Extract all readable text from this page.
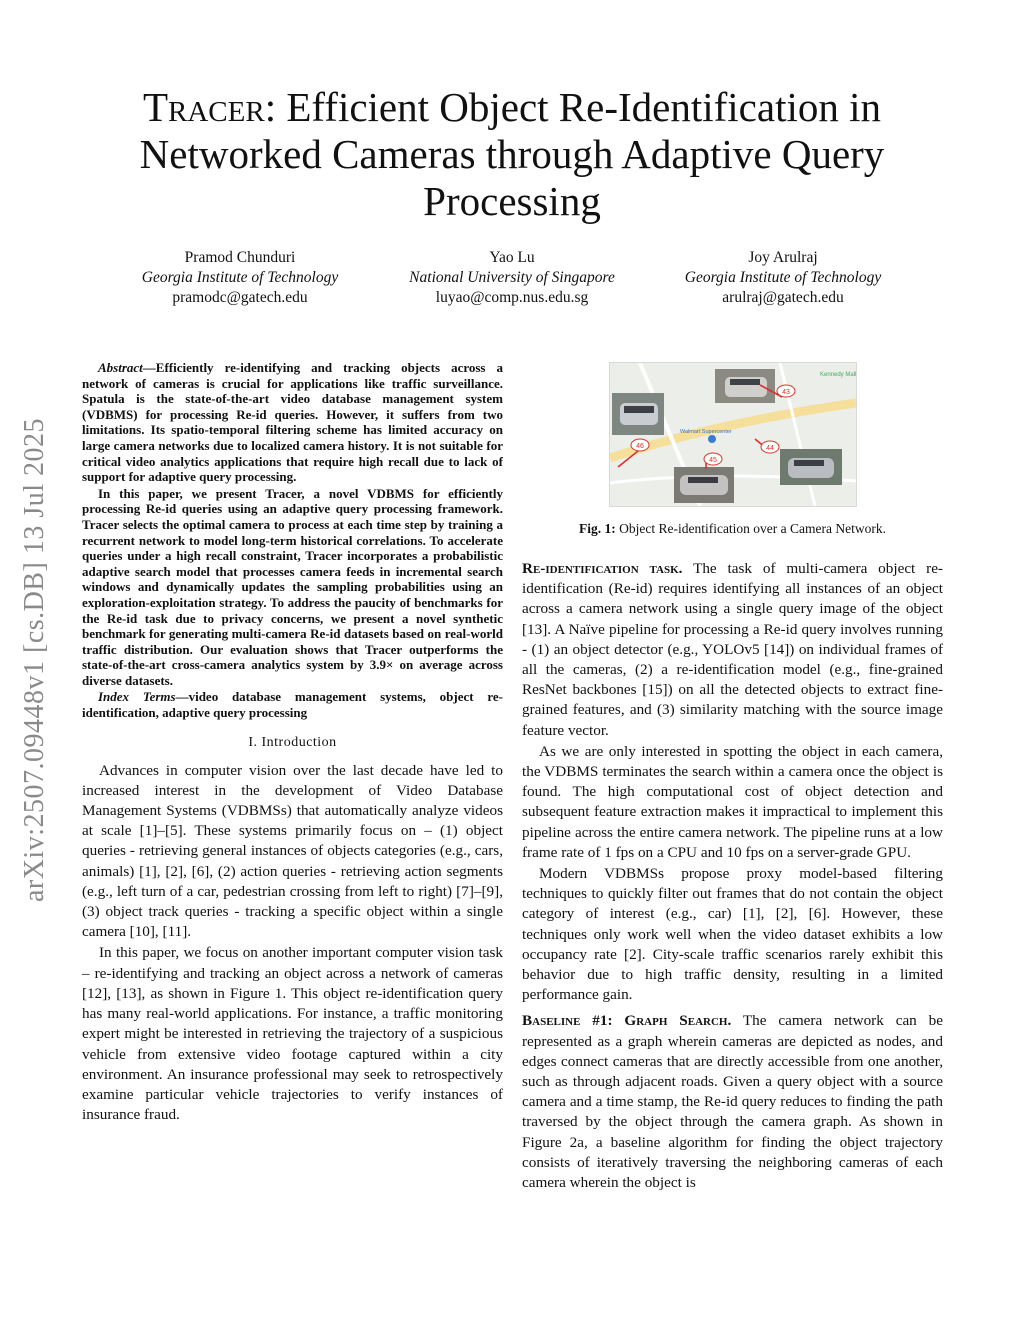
Tracer: Efficient Object Re-Identification in Networked Cameras through Adaptive Query Processing
Pramod Chunduri
Georgia Institute of Technology
pramodc@gatech.edu
Yao Lu
National University of Singapore
luyao@comp.nus.edu.sg
Joy Arulraj
Georgia Institute of Technology
arulraj@gatech.edu
arXiv:2507.09448v1 [cs.DB] 13 Jul 2025

Abstract—Efficiently re-identifying and tracking objects across a network of cameras is crucial for applications like traffic surveillance. Spatula is the state-of-the-art video database management system (VDBMS) for processing Re-id queries. However, it suffers from two limitations. Its spatio-temporal filtering scheme has limited accuracy on large camera networks due to localized camera history. It is not suitable for critical video analytics applications that require high recall due to lack of support for adaptive query processing.

In this paper, we present Tracer, a novel VDBMS for efficiently processing Re-id queries using an adaptive query processing framework. Tracer selects the optimal camera to process at each time step by training a recurrent network to model long-term historical correlations. To accelerate queries under a high recall constraint, Tracer incorporates a probabilistic adaptive search model that processes camera feeds in incremental search windows and dynamically updates the sampling probabilities using an exploration-exploitation strategy. To address the paucity of benchmarks for the Re-id task due to privacy concerns, we present a novel synthetic benchmark for generating multi-camera Re-id datasets based on real-world traffic distribution. Our evaluation shows that Tracer outperforms the state-of-the-art cross-camera analytics system by 3.9× on average across diverse datasets.

Index Terms—video database management systems, object re-identification, adaptive query processing

I. Introduction

Advances in computer vision over the last decade have led to increased interest in the development of Video Database Management Systems (VDBMSs) that automatically analyze videos at scale [1]–[5]. These systems primarily focus on – (1) object queries - retrieving general instances of objects categories (e.g., cars, animals) [1], [2], [6], (2) action queries - retrieving action segments (e.g., left turn of a car, pedestrian crossing from left to right) [7]–[9], (3) object track queries - tracking a specific object within a single camera [10], [11].

In this paper, we focus on another important computer vision task – re-identifying and tracking an object across a network of cameras [12], [13], as shown in Figure 1. This object re-identification query has many real-world applications. For instance, a traffic monitoring expert might be interested in retrieving the trajectory of a suspicious vehicle from extensive video footage captured within a city environment. An insurance professional may seek to retrospectively examine particular vehicle trajectories to verify instances of insurance fraud.

Kennedy Mall
Walmart Supercenter
46
45
44
43
Fig. 1: Object Re-identification over a Camera Network.

Re-identification task. The task of multi-camera object re-identification (Re-id) requires identifying all instances of an object across a camera network using a single query image of the object [13]. A Naïve pipeline for processing a Re-id query involves running - (1) an object detector (e.g., YOLOv5 [14]) on individual frames of all the cameras, (2) a re-identification model (e.g., fine-grained ResNet backbones [15]) on all the detected objects to extract fine-grained features, and (3) similarity matching with the source image feature vector.

As we are only interested in spotting the object in each camera, the VDBMS terminates the search within a camera once the object is found. The high computational cost of object detection and subsequent feature extraction makes it impractical to implement this pipeline across the entire camera network. The pipeline runs at a low frame rate of 1 fps on a CPU and 10 fps on a server-grade GPU.

Modern VDBMSs propose proxy model-based filtering techniques to quickly filter out frames that do not contain the object category of interest (e.g., car) [1], [2], [6]. However, these techniques only work well when the video dataset exhibits a low occupancy rate [2]. City-scale traffic scenarios rarely exhibit this behavior due to high traffic density, resulting in a limited performance gain.

Baseline #1: Graph Search. The camera network can be represented as a graph wherein cameras are depicted as nodes, and edges connect cameras that are directly accessible from one another, such as through adjacent roads. Given a query object with a source camera and a time stamp, the Re-id query reduces to finding the path traversed by the object through the camera graph. As shown in Figure 2a, a baseline algorithm for finding the object trajectory consists of iteratively traversing the neighboring cameras of each camera wherein the object is
